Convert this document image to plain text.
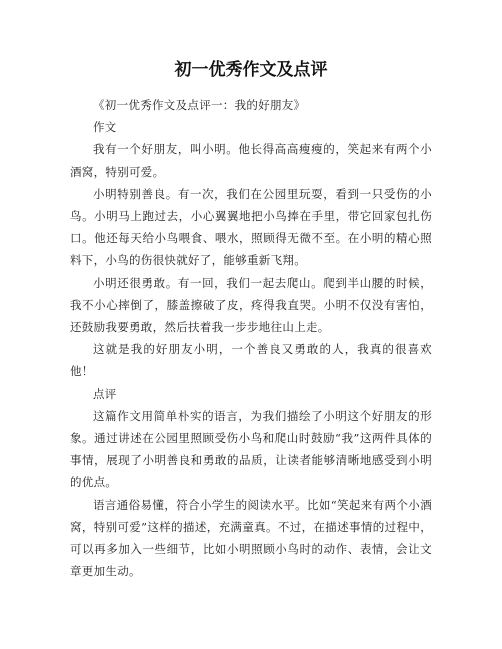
初一优秀作文及点评

《初一优秀作文及点评一：我的好朋友》

作文

我有一个好朋友，叫小明。他长得高高瘦瘦的，笑起来有两个小酒窝，特别可爱。

小明特别善良。有一次，我们在公园里玩耍，看到一只受伤的小鸟。小明马上跑过去，小心翼翼地把小鸟捧在手里，带它回家包扎伤口。他还每天给小鸟喂食、喂水，照顾得无微不至。在小明的精心照料下，小鸟的伤很快就好了，能够重新飞翔。

小明还很勇敢。有一回，我们一起去爬山。爬到半山腰的时候，我不小心摔倒了，膝盖擦破了皮，疼得我直哭。小明不仅没有害怕，还鼓励我要勇敢，然后扶着我一步步地往山上走。

这就是我的好朋友小明，一个善良又勇敢的人，我真的很喜欢他！

点评

这篇作文用简单朴实的语言，为我们描绘了小明这个好朋友的形象。通过讲述在公园里照顾受伤小鸟和爬山时鼓励“我”这两件具体的事情，展现了小明善良和勇敢的品质，让读者能够清晰地感受到小明的优点。

语言通俗易懂，符合小学生的阅读水平。比如“笑起来有两个小酒窝，特别可爱”这样的描述，充满童真。不过，在描述事情的过程中，可以再多加入一些细节，比如小明照顾小鸟时的动作、表情，会让文章更加生动。
